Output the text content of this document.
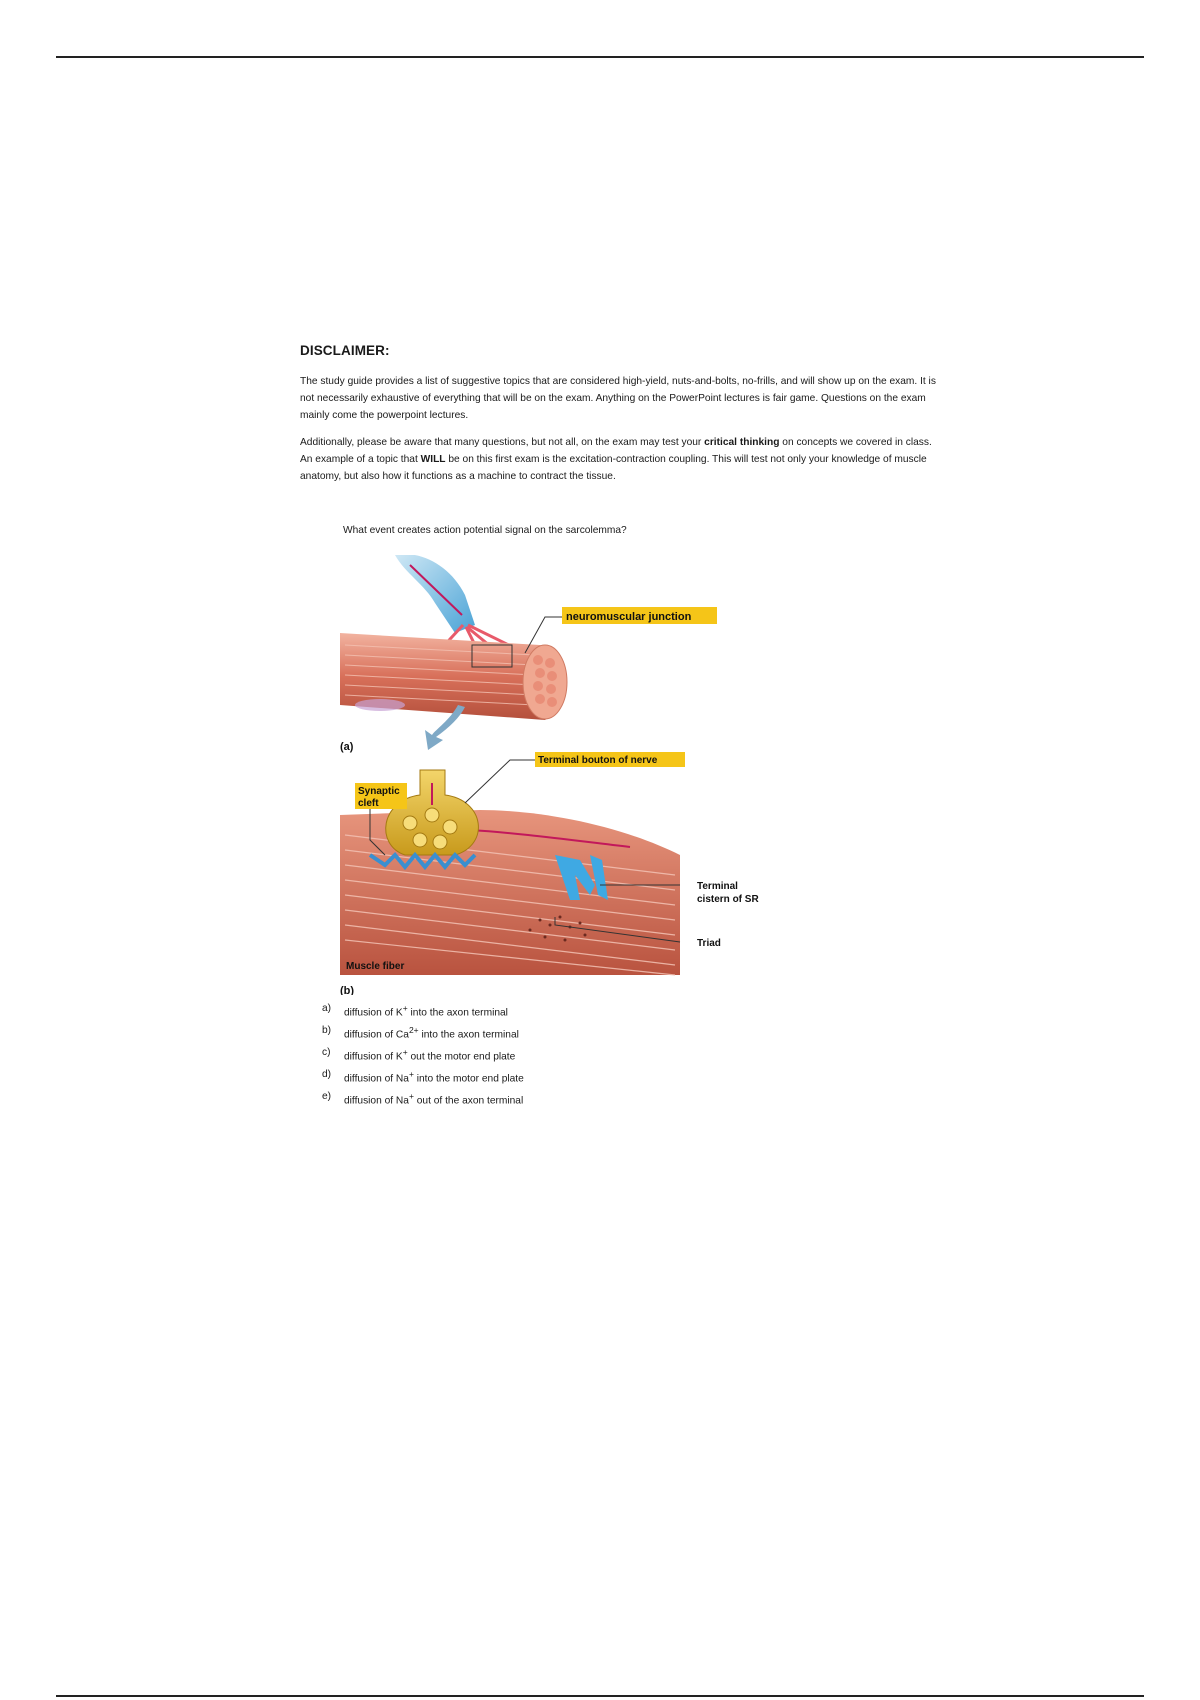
DISCLAIMER:
The study guide provides a list of suggestive topics that are considered high-yield, nuts-and-bolts, no-frills, and will show up on the exam. It is not necessarily exhaustive of everything that will be on the exam. Anything on the PowerPoint lectures is fair game. Questions on the exam mainly come the powerpoint lectures.
Additionally, please be aware that many questions, but not all, on the exam may test your critical thinking on concepts we covered in class. An example of a topic that WILL be on this first exam is the excitation-contraction coupling. This will test not only your knowledge of muscle anatomy, but also how it functions as a machine to contract the tissue.
What event creates action potential signal on the sarcolemma?
neuromuscular junction
(a)
Terminal bouton of nerve
Synaptic
cleft
Terminal
cistern of SR
Triad
Muscle fiber
(b)
a)	diffusion of K+ into the axon terminal
b)	diffusion of $Ca^{2+}$ into the axon terminal
c)	diffusion of K+ out the motor end plate
d)	diffusion of Na+ into the motor end plate
e)	diffusion of Na+ out of the axon terminal
